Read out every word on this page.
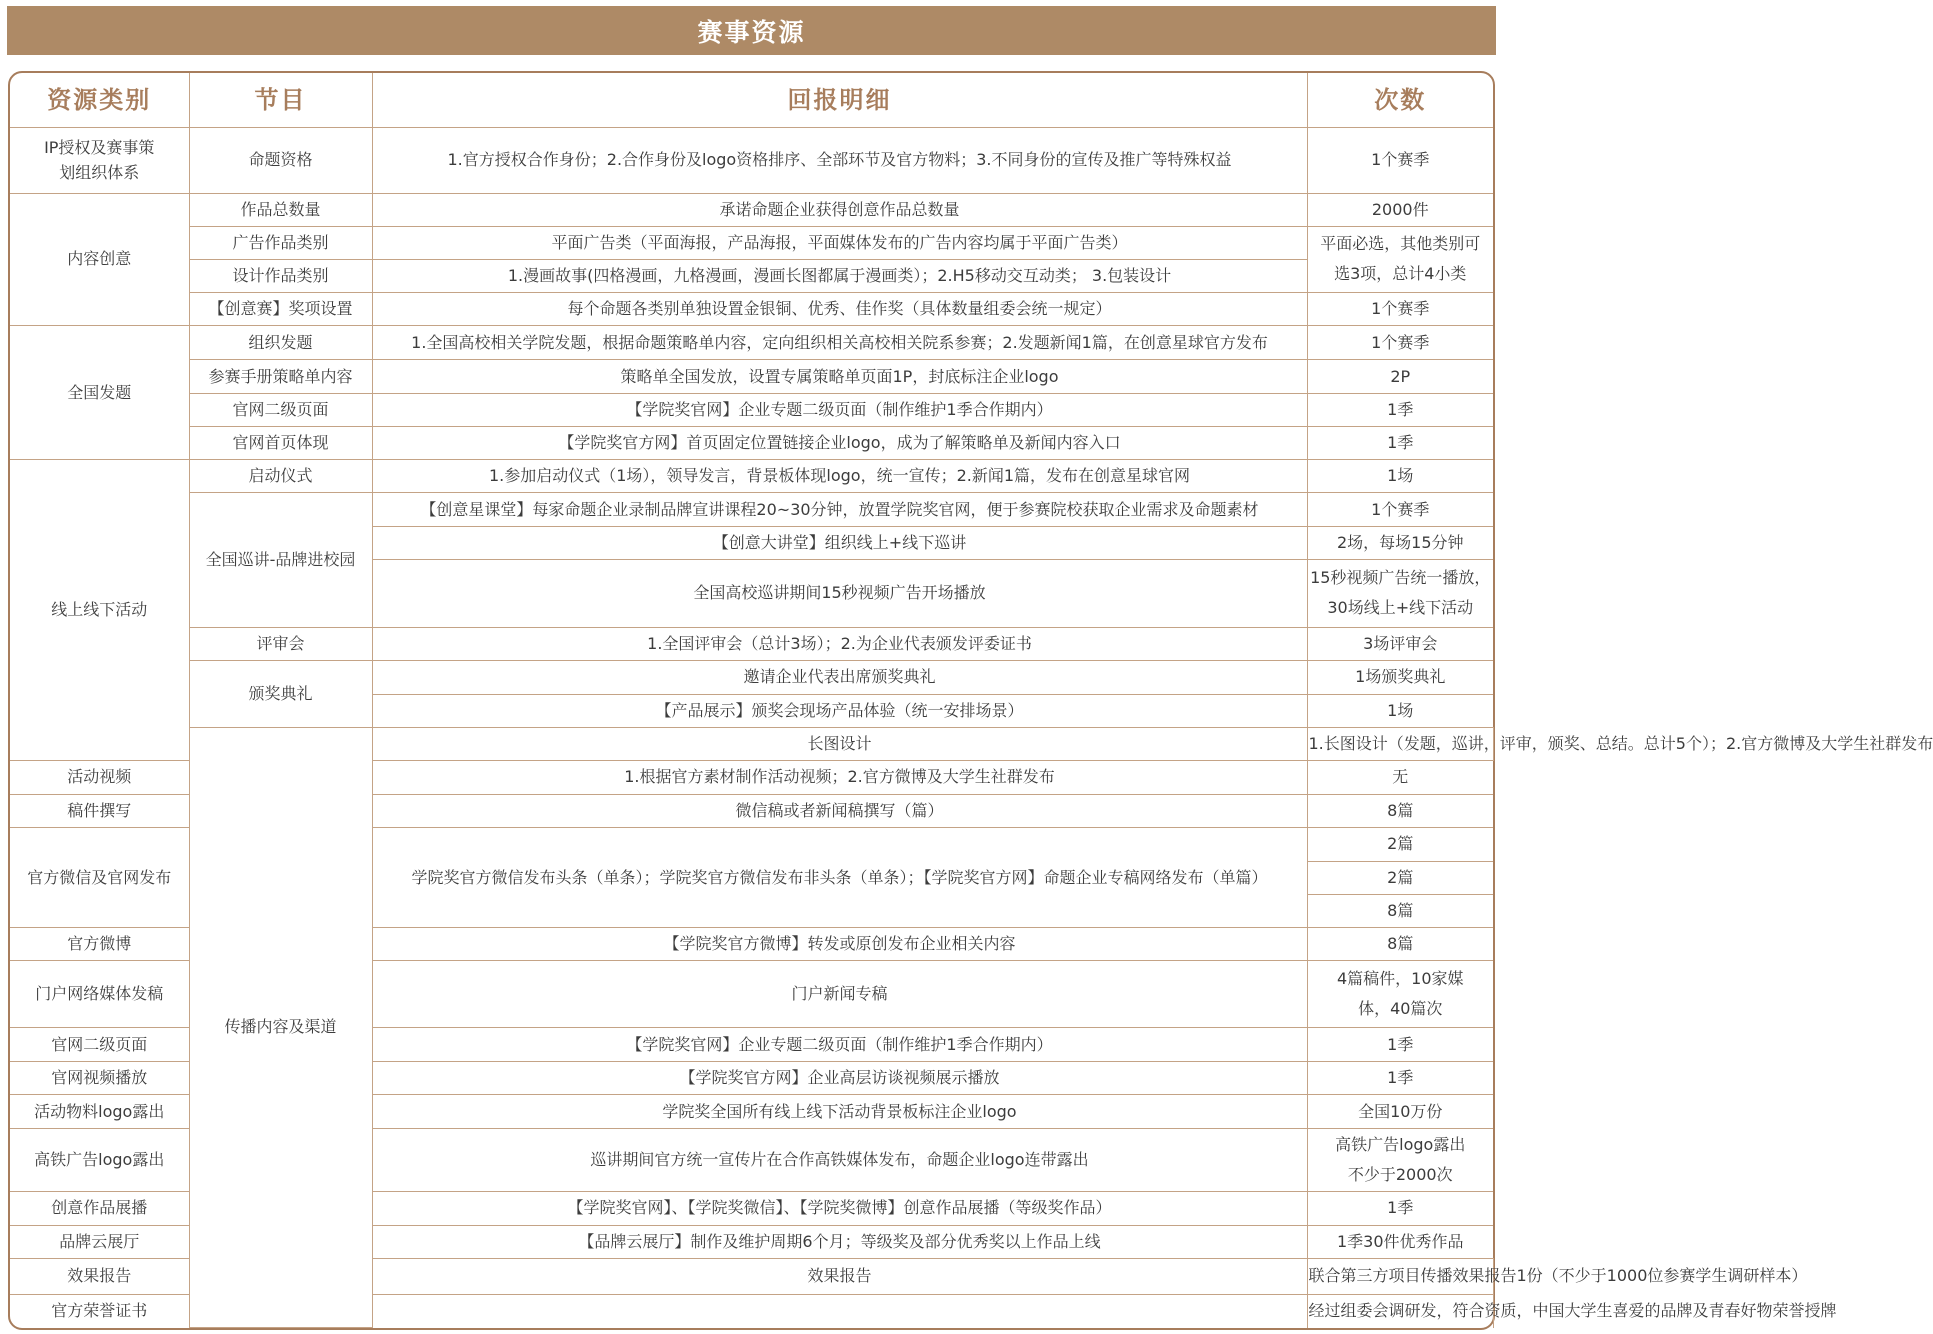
赛事资源
资源类别	节目	回报明细	次数	
IP授权及赛事策划组织体系	命题资格	1.官方授权合作身份；2.合作身份及logo资格排序、全部环节及官方物料；3.不同身份的宣传及推广等特殊权益	1个赛季	
内容创意	作品总数量	承诺命题企业获得创意作品总数量	2000件	
	广告作品类别	平面广告类（平面海报，产品海报，平面媒体发布的广告内容均属于平面广告类）	平面必选，其他类别可选3项，总计4小类	
	设计作品类别	1.漫画故事(四格漫画，九格漫画，漫画长图都属于漫画类）；2.H5移动交互动类； 3.包装设计		
	【创意赛】奖项设置	每个命题各类别单独设置金银铜、优秀、佳作奖（具体数量组委会统一规定）	1个赛季	
全国发题	组织发题	1.全国高校相关学院发题，根据命题策略单内容，定向组织相关高校相关院系参赛；2.发题新闻1篇，在创意星球官方发布	1个赛季	
	参赛手册策略单内容	策略单全国发放，设置专属策略单页面1P，封底标注企业logo	2P	
	官网二级页面	【学院奖官网】企业专题二级页面（制作维护1季合作期内）	1季	
	官网首页体现	【学院奖官方网】首页固定位置链接企业logo，成为了解策略单及新闻内容入口	1季	
线上线下活动	启动仪式	1.参加启动仪式（1场），领导发言，背景板体现logo，统一宣传；2.新闻1篇，发布在创意星球官网	1场	
	全国巡讲-品牌进校园	【创意星课堂】每家命题企业录制品牌宣讲课程20~30分钟，放置学院奖官网，便于参赛院校获取企业需求及命题素材	1个赛季	
		【创意大讲堂】组织线上+线下巡讲	2场，每场15分钟	
		全国高校巡讲期间15秒视频广告开场播放	15秒视频广告统一播放，30场线上+线下活动	
	评审会	1.全国评审会（总计3场）；2.为企业代表颁发评委证书	3场评审会	
	颁奖典礼	邀请企业代表出席颁奖典礼	1场颁奖典礼	
		【产品展示】颁奖会现场产品体验（统一安排场景）	1场	
	传播内容及渠道	长图设计	1.长图设计（发题，巡讲，评审，颁奖、总结。总计5个）；2.官方微博及大学生社群发布	
活动视频		1.根据官方素材制作活动视频；2.官方微博及大学生社群发布	无	
稿件撰写		微信稿或者新闻稿撰写（篇）	8篇	
官方微信及官网发布		学院奖官方微信发布头条（单条）；学院奖官方微信发布非头条（单条）；【学院奖官方网】命题企业专稿网络发布（单篇）	2篇	
			2篇	
			8篇	
官方微博		【学院奖官方微博】转发或原创发布企业相关内容	8篇	
门户网络媒体发稿		门户新闻专稿	4篇稿件，10家媒体，40篇次	
官网二级页面		【学院奖官网】企业专题二级页面（制作维护1季合作期内）	1季	
官网视频播放		【学院奖官方网】企业高层访谈视频展示播放	1季	
活动物料logo露出		学院奖全国所有线上线下活动背景板标注企业logo	全国10万份	
高铁广告logo露出		巡讲期间官方统一宣传片在合作高铁媒体发布，命题企业logo连带露出	高铁广告logo露出不少于2000次	
创意作品展播		【学院奖官网】、【学院奖微信】、【学院奖微博】创意作品展播（等级奖作品）	1季	
品牌云展厅		【品牌云展厅】制作及维护周期6个月；等级奖及部分优秀奖以上作品上线	1季30件优秀作品	
效果报告		效果报告	联合第三方项目传播效果报告1份（不少于1000位参赛学生调研样本）	
官方荣誉证书			经过组委会调研发，符合资质，中国大学生喜爱的品牌及青春好物荣誉授牌	
